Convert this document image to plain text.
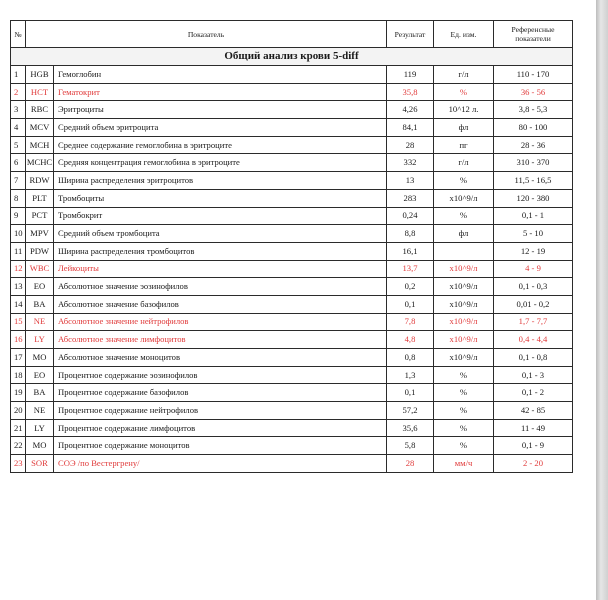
№	Показатель		Результат	Ед. изм.	Референсные показатели
Общий анализ крови 5-diff					
1	HGB	Гемоглобин	119	г/л	110 - 170
2	HCT	Гематокрит	35,8	%	36 - 56
3	RBC	Эритроциты	4,26	10^12 л.	3,8 - 5,3
4	MCV	Средний объем эритроцита	84,1	фл	80 - 100
5	MCH	Среднее содержание гемоглобина в эритроците	28	пг	28 - 36
6	MCHC	Средняя концентрация гемоглобина в эритроците	332	г/л	310 - 370
7	RDW	Ширина распределения эритроцитов	13	%	11,5 - 16,5
8	PLT	Тромбоциты	283	х10^9/л	120 - 380
9	PCT	Тромбокрит	0,24	%	0,1 - 1
10	MPV	Средний объем тромбоцита	8,8	фл	5 - 10
11	PDW	Ширина распределения тромбоцитов	16,1		12 - 19
12	WBC	Лейкоциты	13,7	х10^9/л	4 - 9
13	EO	Абсолютное значение эозинофилов	0,2	х10^9/л	0,1 - 0,3
14	BA	Абсолютное значение базофилов	0,1	х10^9/л	0,01 - 0,2
15	NE	Абсолютное значение нейтрофилов	7,8	х10^9/л	1,7 - 7,7
16	LY	Абсолютное значение лимфоцитов	4,8	х10^9/л	0,4 - 4,4
17	MO	Абсолютное значение моноцитов	0,8	х10^9/л	0,1 - 0,8
18	EO	Процентное содержание эозинофилов	1,3	%	0,1 - 3
19	BA	Процентное содержание базофилов	0,1	%	0,1 - 2
20	NE	Процентное содержание нейтрофилов	57,2	%	42 - 85
21	LY	Процентное содержание лимфоцитов	35,6	%	11 - 49
22	MO	Процентное содержание моноцитов	5,8	%	0,1 - 9
23	SOR	СОЭ /по Вестергрену/	28	мм/ч	2 - 20
